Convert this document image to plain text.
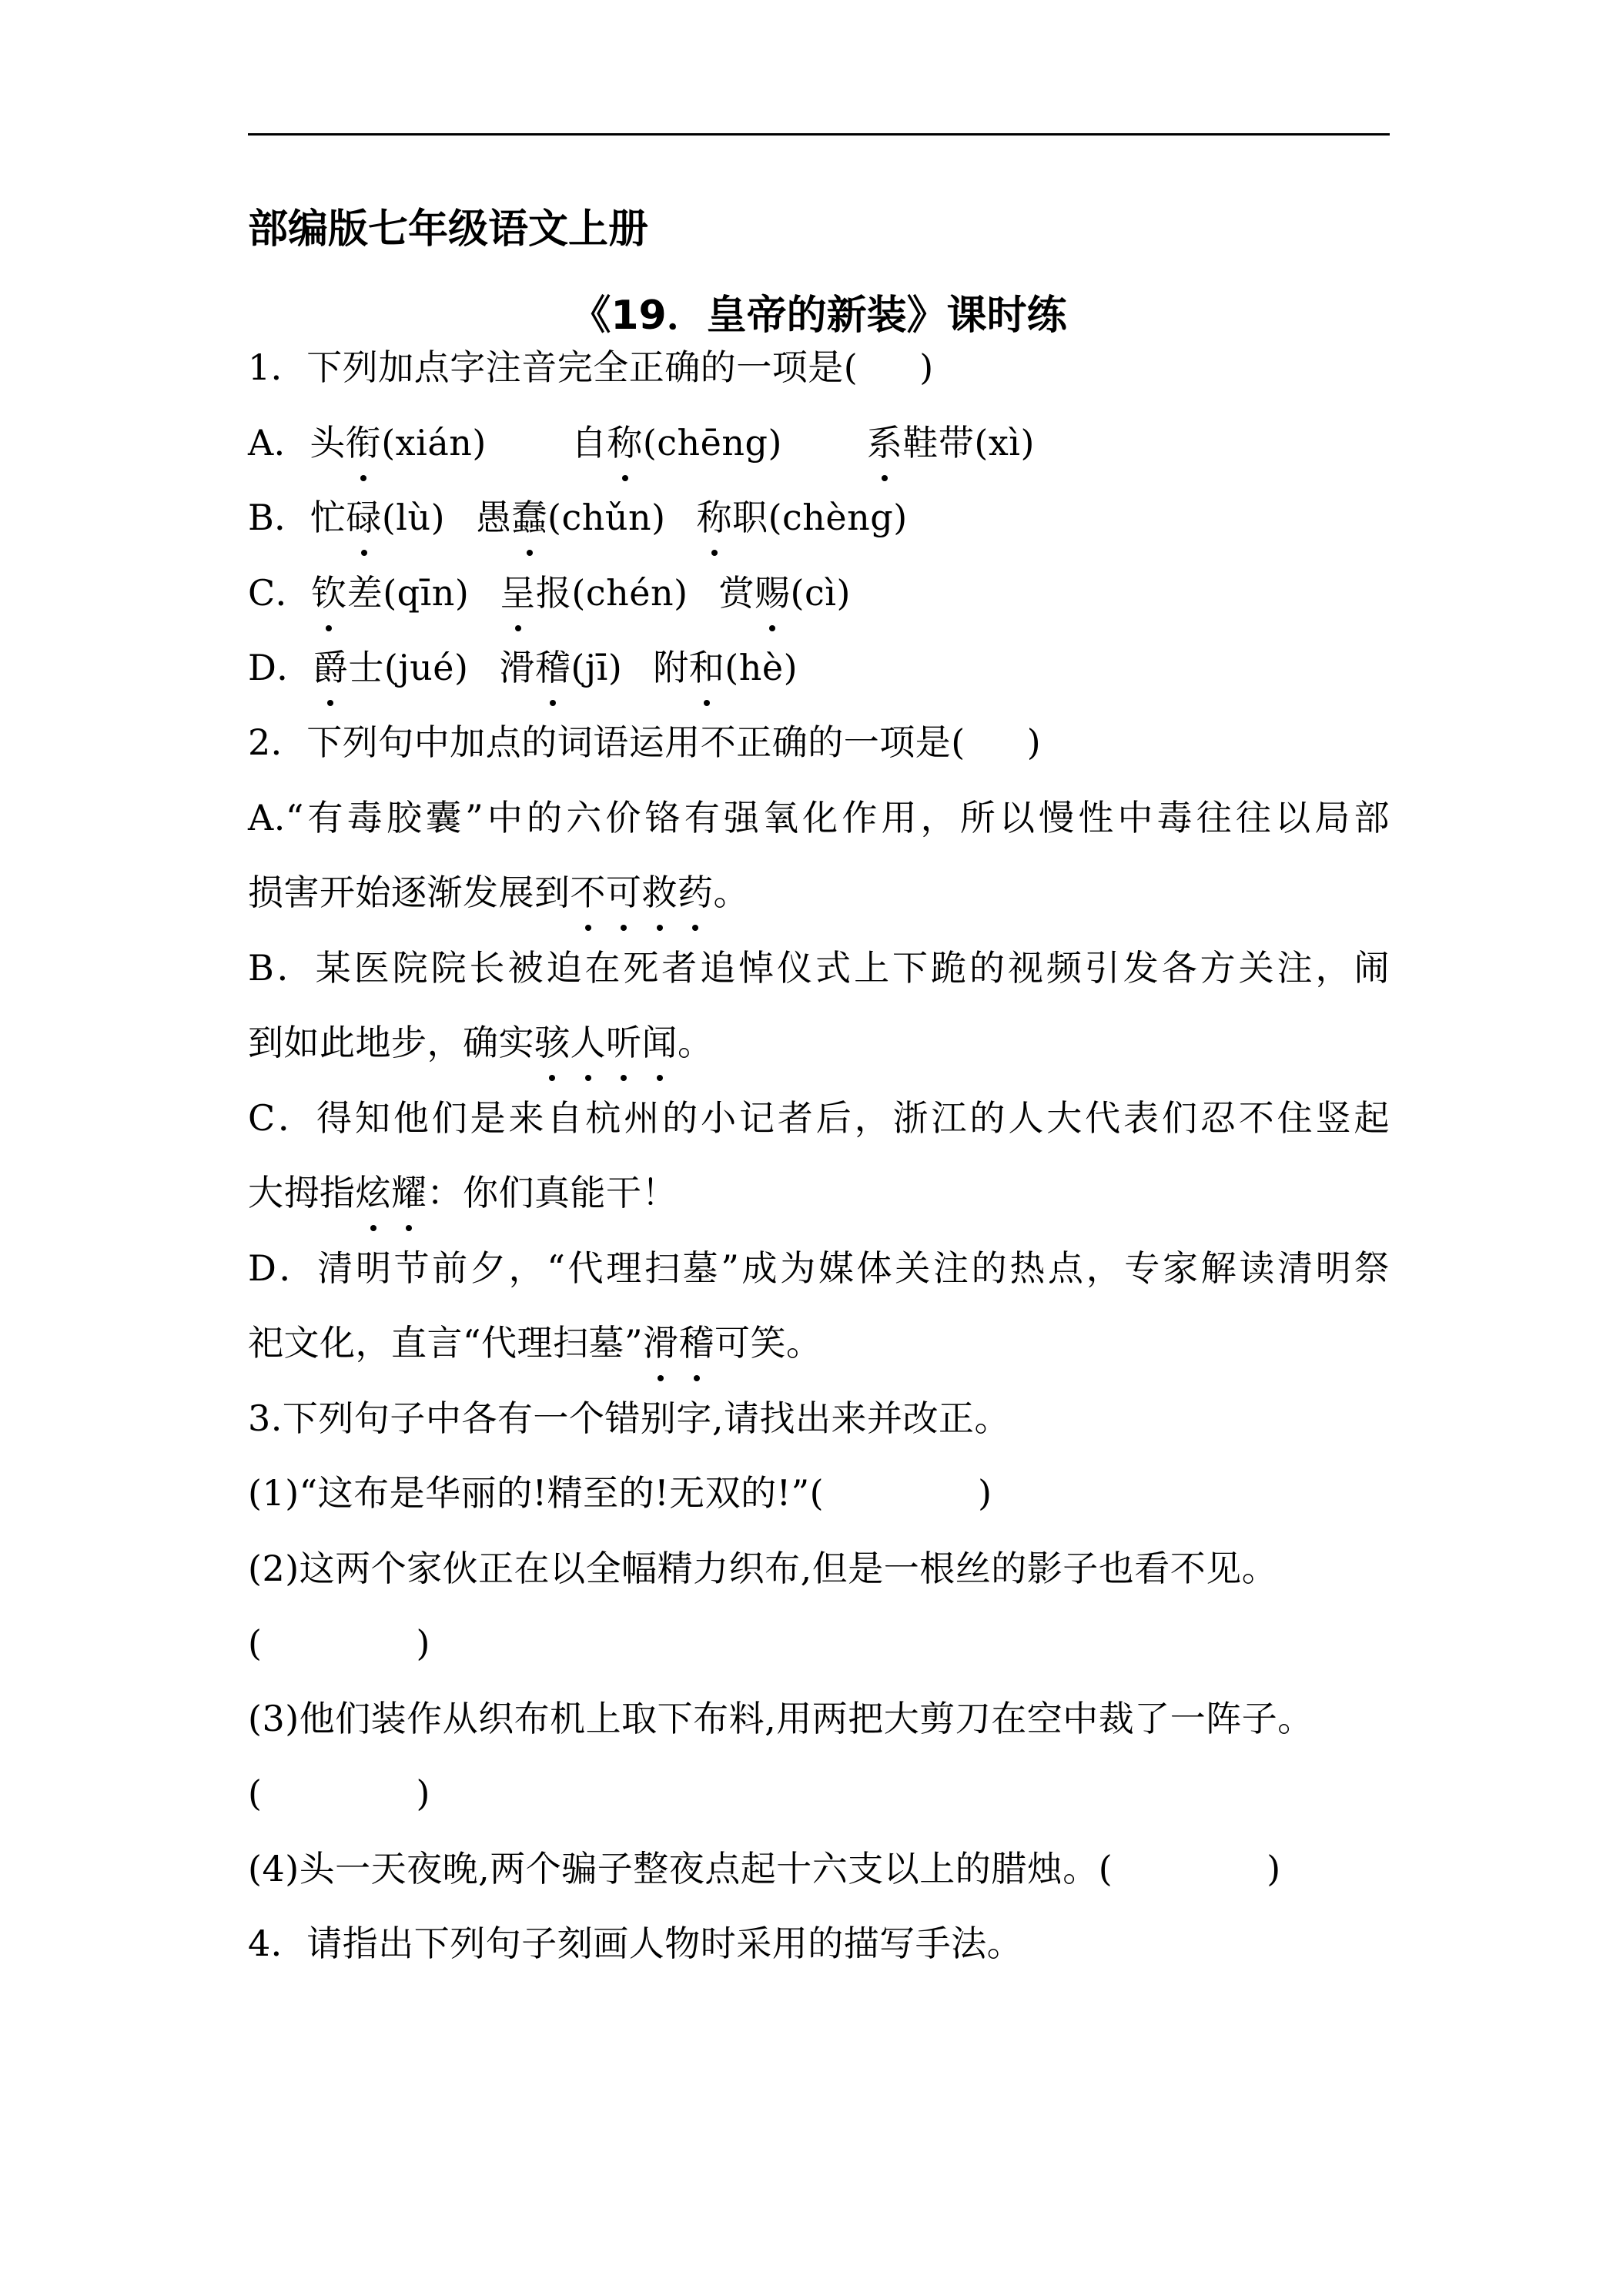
部编版七年级语文上册
《19．皇帝的新装》课时练
1．下列加点字注音完全正确的一项是( )
A．头衔(xián) 自称(chēng) 系鞋带(xì)
B．忙碌(lù) 愚蠢(chǔn) 称职(chèng)
C．钦差(qīn) 呈报(chén) 赏赐(cì)
D．爵士(jué) 滑稽(jī) 附和(hè)
2．下列句中加点的词语运用不正确的一项是( )
A.“有毒胶囊”中的六价铬有强氧化作用，所以慢性中毒往往以局部
损害开始逐渐发展到不可救药。
B．某医院院长被迫在死者追悼仪式上下跪的视频引发各方关注，闹
到如此地步，确实骇人听闻。
C．得知他们是来自杭州的小记者后，浙江的人大代表们忍不住竖起
大拇指炫耀：你们真能干！
D．清明节前夕，“代理扫墓”成为媒体关注的热点，专家解读清明祭
祀文化，直言“代理扫墓”滑稽可笑。
3.下列句子中各有一个错别字,请找出来并改正。
(1)“这布是华丽的!精至的!无双的!”(	)
(2)这两个家伙正在以全幅精力织布,但是一根丝的影子也看不见。
(	)
(3)他们装作从织布机上取下布料,用两把大剪刀在空中裁了一阵子。
(	)
(4)头一天夜晚,两个骗子整夜点起十六支以上的腊烛。(	)
4．请指出下列句子刻画人物时采用的描写手法。
